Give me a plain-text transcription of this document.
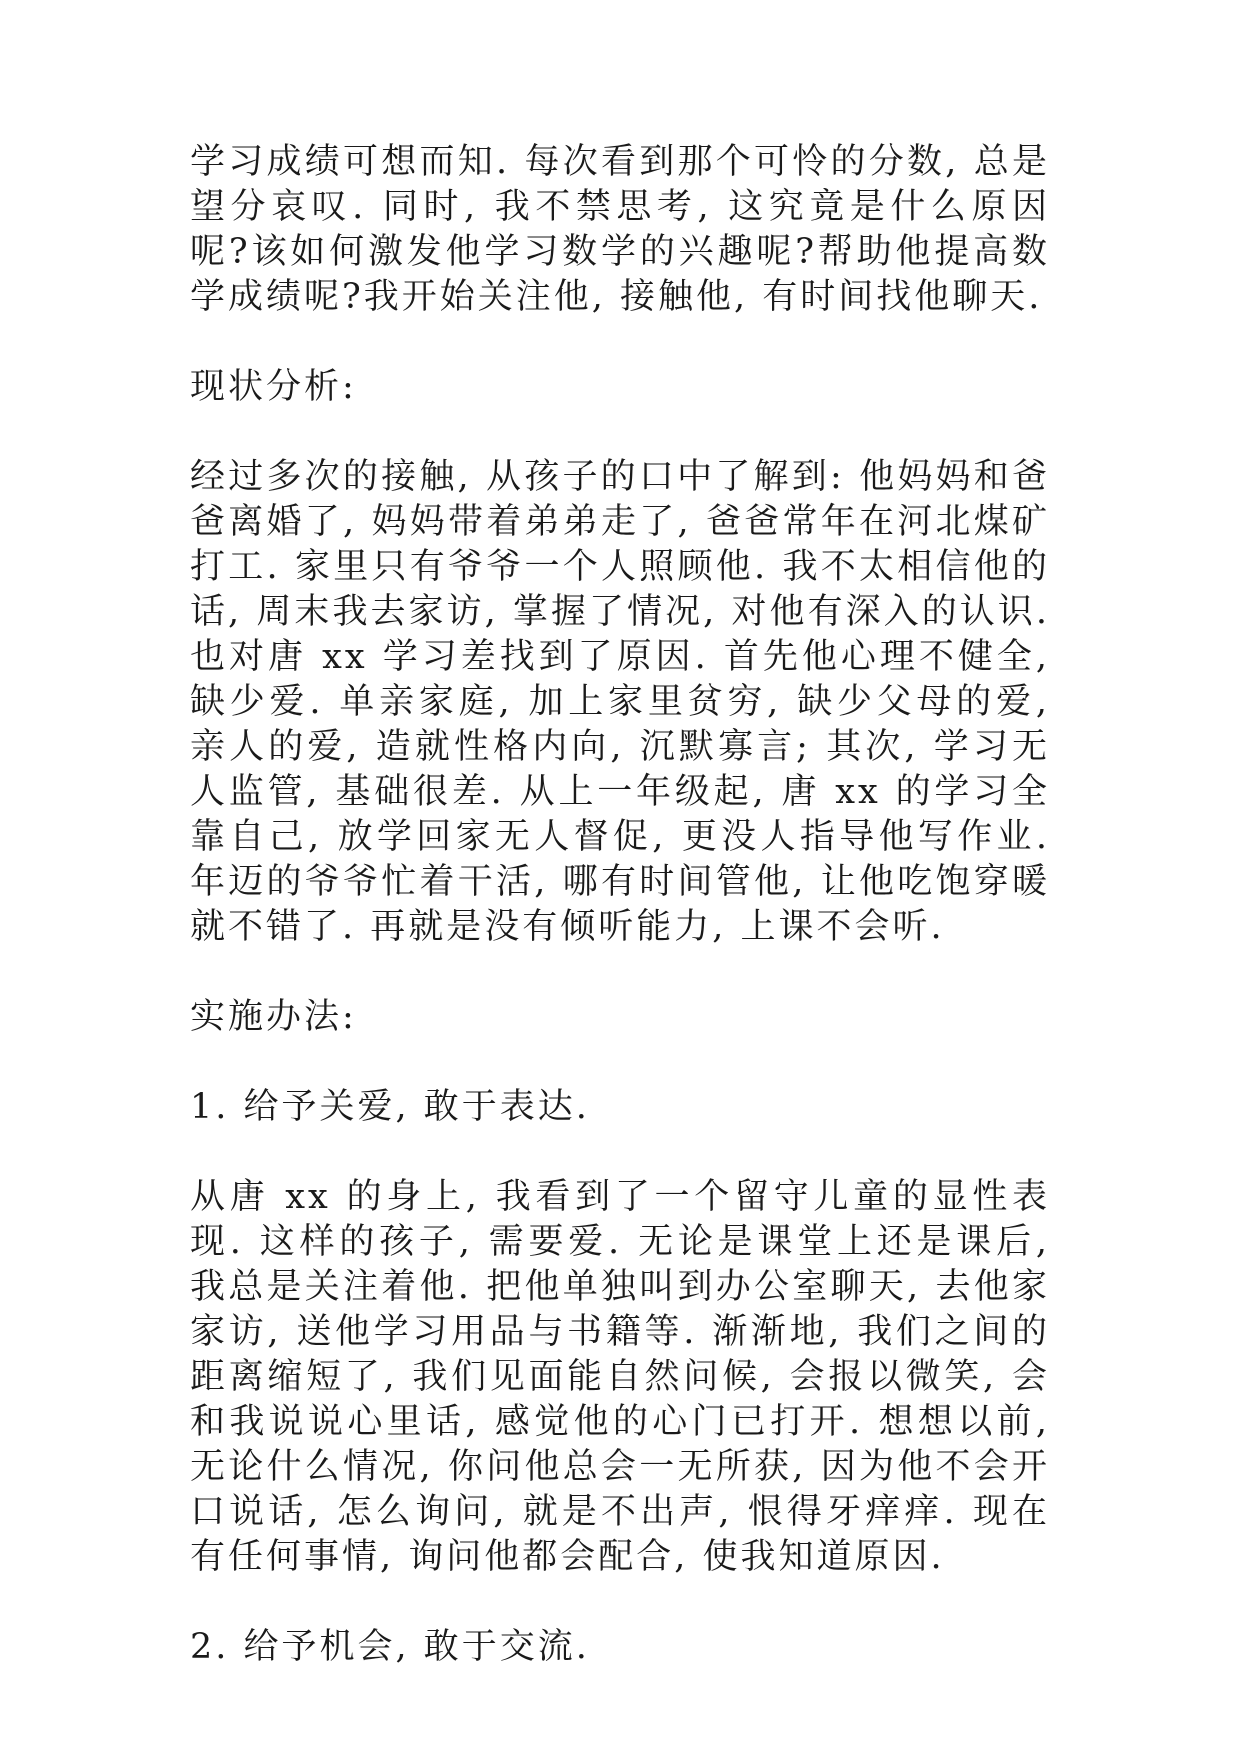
学习成绩可想而知. 每次看到那个可怜的分数, 总是望分哀叹. 同时, 我不禁思考, 这究竟是什么原因呢?该如何激发他学习数学的兴趣呢?帮助他提高数学成绩呢?我开始关注他, 接触他, 有时间找他聊天.

现状分析:

经过多次的接触, 从孩子的口中了解到: 他妈妈和爸爸离婚了, 妈妈带着弟弟走了, 爸爸常年在河北煤矿打工. 家里只有爷爷一个人照顾他. 我不太相信他的话, 周末我去家访, 掌握了情况, 对他有深入的认识. 也对唐 xx 学习差找到了原因. 首先他心理不健全, 缺少爱. 单亲家庭, 加上家里贫穷, 缺少父母的爱, 亲人的爱, 造就性格内向, 沉默寡言; 其次, 学习无人监管, 基础很差. 从上一年级起, 唐 xx 的学习全靠自己, 放学回家无人督促, 更没人指导他写作业. 年迈的爷爷忙着干活, 哪有时间管他, 让他吃饱穿暖就不错了. 再就是没有倾听能力, 上课不会听.

实施办法:

1. 给予关爱, 敢于表达.

从唐 xx 的身上, 我看到了一个留守儿童的显性表现. 这样的孩子, 需要爱. 无论是课堂上还是课后, 我总是关注着他. 把他单独叫到办公室聊天, 去他家家访, 送他学习用品与书籍等. 渐渐地, 我们之间的距离缩短了, 我们见面能自然问候, 会报以微笑, 会和我说说心里话, 感觉他的心门已打开. 想想以前, 无论什么情况, 你问他总会一无所获, 因为他不会开口说话, 怎么询问, 就是不出声, 恨得牙痒痒. 现在有任何事情, 询问他都会配合, 使我知道原因.

2. 给予机会, 敢于交流.
